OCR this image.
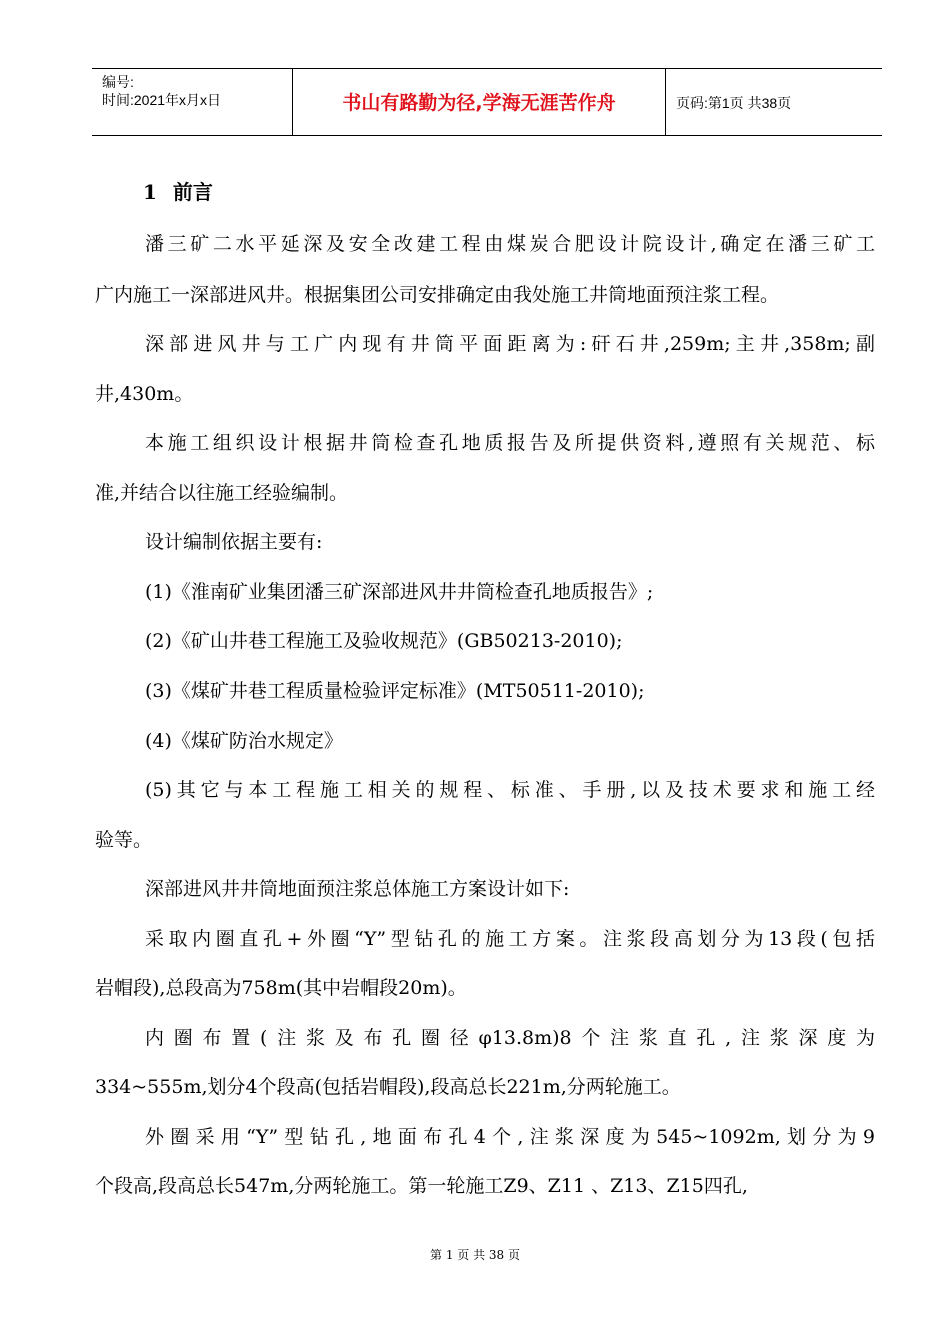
编号:
时间:2021年x月x日	书山有路勤为径,学海无涯苦作舟	页码:第1页 共38页
1 前言
潘三矿二水平延深及安全改建工程由煤炭合肥设计院设计,确定在潘三矿工
广内施工一深部进风井。根据集团公司安排确定由我处施工井筒地面预注浆工程。
深部进风井与工广内现有井筒平面距离为:矸石井,259m;主井,358m;副
井,430m。
本施工组织设计根据井筒检查孔地质报告及所提供资料,遵照有关规范、标
准,并结合以往施工经验编制。
设计编制依据主要有:
(1)《淮南矿业集团潘三矿深部进风井井筒检查孔地质报告》;
(2)《矿山井巷工程施工及验收规范》(GB50213-2010);
(3)《煤矿井巷工程质量检验评定标准》(MT50511-2010);
(4)《煤矿防治水规定》
(5)其它与本工程施工相关的规程、标准、手册,以及技术要求和施工经
验等。
深部进风井井筒地面预注浆总体施工方案设计如下:
采取内圈直孔+外圈“Y”型钻孔的施工方案。注浆段高划分为13段(包括
岩帽段),总段高为758m(其中岩帽段20m)。
内圈布置(注浆及布孔圈径φ13.8m)8个注浆直孔,注浆深度为
334~555m,划分4个段高(包括岩帽段),段高总长221m,分两轮施工。
外圈采用“Y”型钻孔,地面布孔4个,注浆深度为545~1092m,划分为9
个段高,段高总长547m,分两轮施工。第一轮施工Z9、Z11 、Z13、Z15四孔,
第 1 页 共 38 页
